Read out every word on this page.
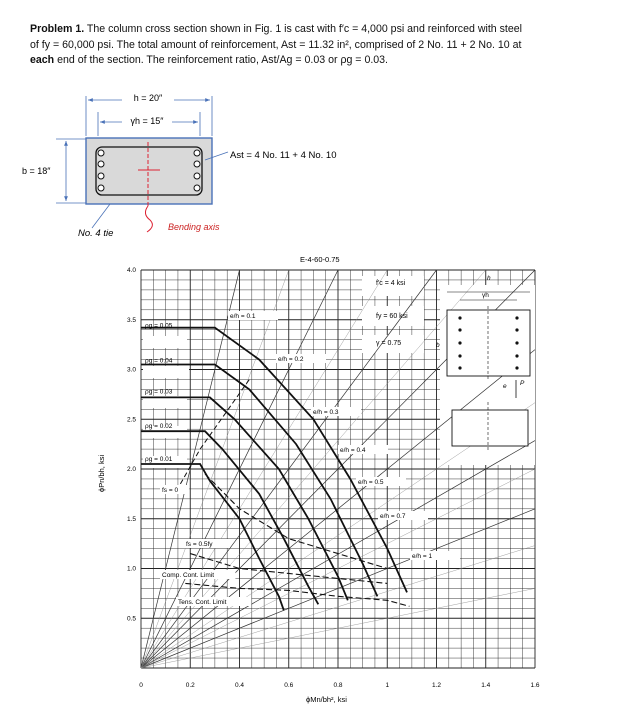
Problem 1. The column cross section shown in Fig. 1 is cast with f′c = 4,000 psi and reinforced with steel
of fy = 60,000 psi. The total amount of reinforcement, Ast = 11.32 in², comprised of 2 No. 11 + 2 No. 10 at
each end of the section. The reinforcement ratio, Ast/Ag = 0.03 or ρg = 0.03.
h = 20″
γh = 15″
b = 18″
Bending axis
Ast = 4 No. 11 + 4 No. 10
No. 4 tie
0	0.2	0.4	0.6	0.8	1	1.2	1.4	1.6
0.5
1.0
1.5
2.0
2.5
3.0
3.5
4.0
ρg = 0.05
ρg = 0.04
ρg = 0.03
ρg = 0.02
ρg = 0.01
e/h = 0.1
e/h = 0.2
e/h = 0.3
e/h = 0.4
e/h = 0.5
e/h = 0.7
e/h = 1
fs = 0
fs = 0.5fy
Comp. Cont. Limit
Tens. Cont. Limit
E-4-60-0.75
f′c = 4 ksi
fy = 60 ksi
γ = 0.75
ϕMn/bh², ksi
ϕPn/bh, ksi
h
γh
b
e P
